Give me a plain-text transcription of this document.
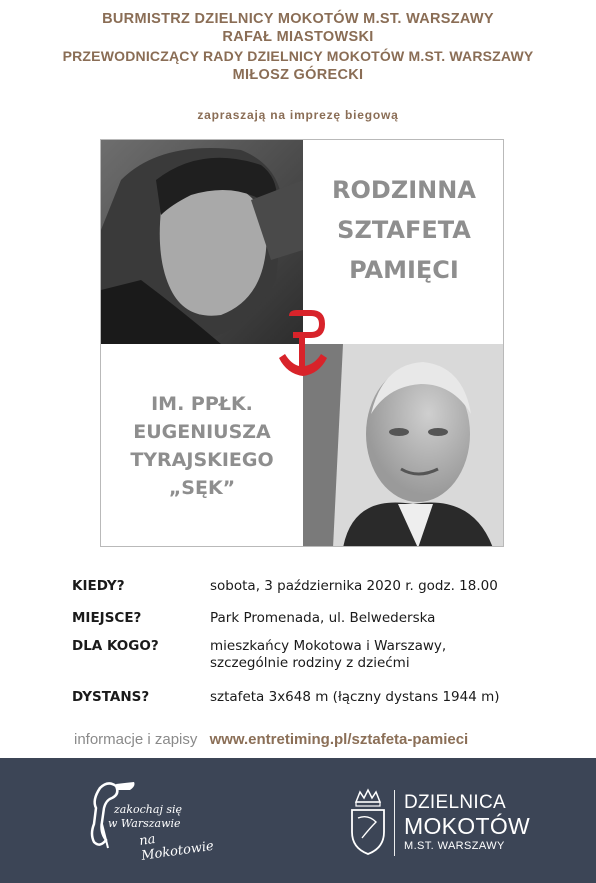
BURMISTRZ DZIELNICY MOKOTÓW M.ST. WARSZAWY
RAFAŁ MIASTOWSKI
PRZEWODNICZĄCY RADY DZIELNICY MOKOTÓW M.ST. WARSZAWY
MIŁOSZ GÓRECKI
zapraszają na imprezę biegową
RODZINNA
SZTAFETA
PAMIĘCI
IM. PPŁK.
EUGENIUSZA
TYRAJSKIEGO
„SĘK”
KIEDY?	sobota, 3 października 2020 r. godz. 18.00
MIEJSCE?	Park Promenada, ul. Belwederska
DLA KOGO?	mieszkańcy Mokotowa i Warszawy,
szczególnie rodziny z dziećmi
DYSTANS?	sztafeta 3x648 m (łączny dystans 1944 m)
informacje i zapisy www.entretiming.pl/sztafeta-pamieci
zakochaj się
w Warszawie
na Mokotowie
DZIELNICA
MOKOTÓW
M.ST. WARSZAWY
